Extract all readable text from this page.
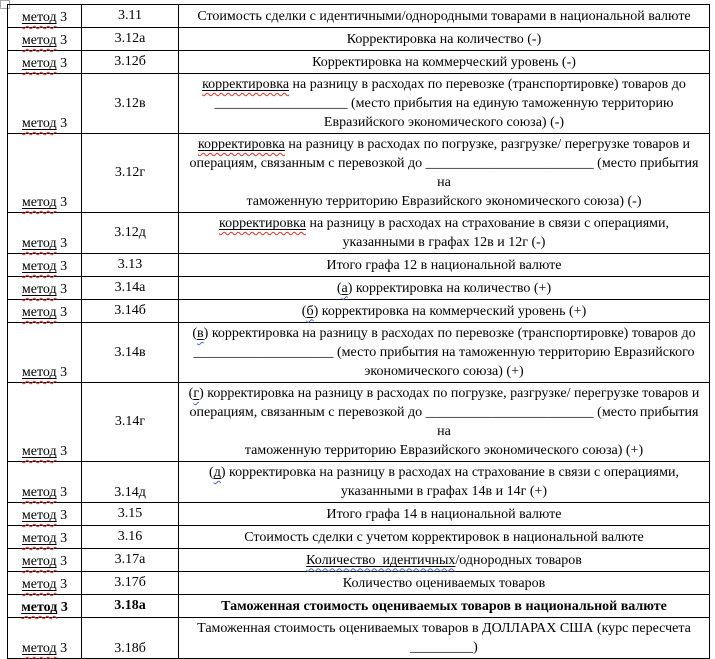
метод 3	3.11	Стоимость сделки с идентичными/однородными товарами в национальной валюте

метод 3	3.12а	Корректировка на количество (-)

метод 3	3.12б	Корректировка на коммерческий уровень (-)

метод 3	3.12в	корректировка на разницу в расходах по перевозке (транспортировке) товаров до
___________________ (место прибытия на единую таможенную территорию
Евразийского экономического союза) (-)

метод 3	3.12г	корректировка на разницу в расходах по погрузке, разгрузке/ перегрузке товаров и
операциям, связанным с перевозкой до ________________________ (место прибытия на
таможенную территорию Евразийского экономического союза) (-)

метод 3	3.12д	корректировка на разницу в расходах на страхование в связи с операциями,
указанными в графах 12в и 12г (-)

метод 3	3.13	Итого графа 12 в национальной валюте

метод 3	3.14а	(а) корректировка на количество (+)

метод 3	3.14б	(б) корректировка на коммерческий уровень (+)

метод 3	3.14в	(в) корректировка на разницу в расходах по перевозке (транспортировке) товаров до
____________________ (место прибытия на таможенную территорию Евразийского
экономического союза) (+)

метод 3	3.14г	(г) корректировка на разницу в расходах по погрузке, разгрузке/ перегрузке товаров и
операциям, связанным с перевозкой до ________________________ (место прибытия на
таможенную территорию Евразийского экономического союза) (+)

метод 3	3.14д	(д) корректировка на разницу в расходах на страхование в связи с операциями,
указанными в графах 14в и 14г (+)

метод 3	3.15	Итого графа 14 в национальной валюте

метод 3	3.16	Стоимость сделки с учетом корректировок в национальной валюте

метод 3	3.17а	Количество  идентичных/однородных товаров

метод 3	3.17б	Количество оцениваемых товаров

метод 3	3.18а	Таможенная стоимость оцениваемых товаров в национальной валюте

метод 3	3.18б	Таможенная стоимость оцениваемых товаров в ДОЛЛАРАХ США (курс пересчета
_________)
